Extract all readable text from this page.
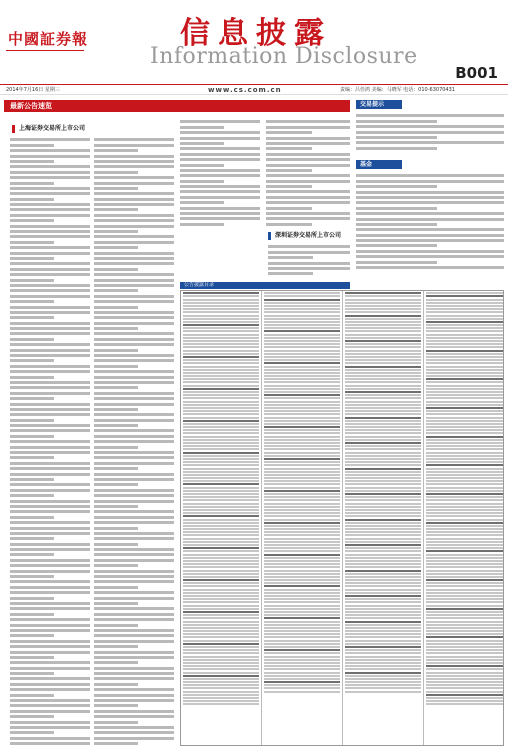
中國証券報	信息披露
Information Disclosure
B001
2014年7月16日 星期三	www.cs.com.cn	责编：吕佳鸿 美编：马晓军 电话：010-63070431
最新公告速览
上海证券交易所上市公司
深圳证券交易所上市公司
交易提示
基金
公告披露目录
